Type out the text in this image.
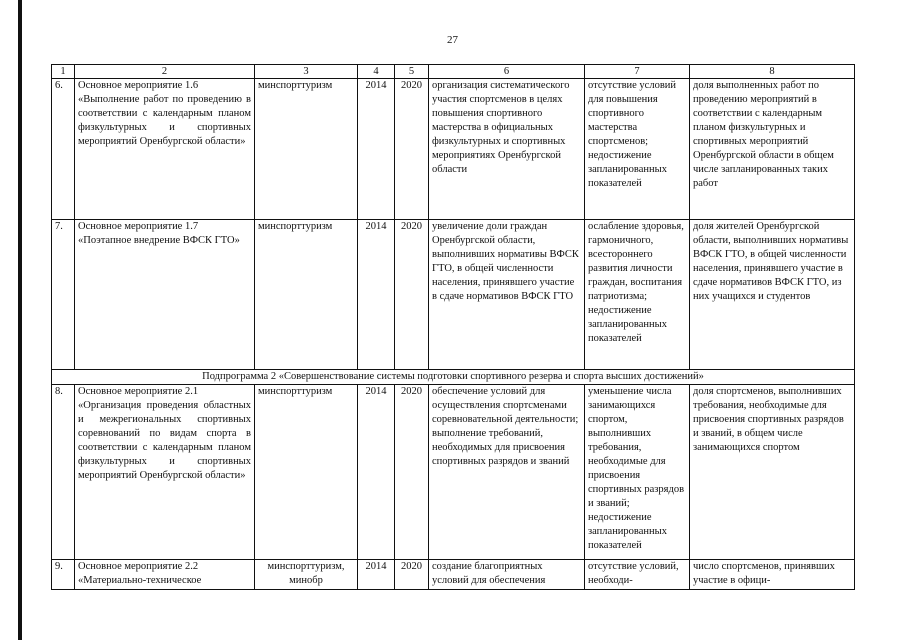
27
1	2	3	4	5	6	7	8
6.	Основное мероприятие 1.6
«Выполнение работ по проведению в соответствии с календарным планом физкультурных и спортивных мероприятий Оренбургской области»	минспорттуризм	2014	2020	организация систематического участия спортсменов в целях повышения спортивного мастерства в официальных физкультурных и спортивных мероприятиях Оренбургской области	отсутствие условий для повышения спортивного мастерства спортсменов;
недостижение запланированных показателей	доля выполненных работ по проведению мероприятий в соответствии с календарным планом физкультурных и спортивных мероприятий Оренбургской области в общем числе запланированных таких работ

7.	Основное мероприятие 1.7
«Поэтапное внедрение ВФСК ГТО»	минспорттуризм	2014	2020	увеличение доли граждан Оренбургской области, выполнивших нормативы ВФСК ГТО, в общей численности населения, принявшего участие в сдаче нормативов ВФСК ГТО	ослабление здоровья, гармоничного, всестороннего развития личности граждан, воспитания патриотизма;
недостижение запланированных показателей	доля жителей Оренбургской области, выполнивших нормативы ВФСК ГТО, в общей численности населения, принявшего участие в сдаче нормативов ВФСК ГТО, из них учащихся и студентов

Подпрограмма 2 «Совершенствование системы подготовки спортивного резерва и спорта высших достижений»							
8.	Основное мероприятие 2.1
«Организация проведения областных и межрегиональных спортивных соревнований по видам спорта в соответствии с календарным планом физкультурных и спортивных мероприятий Оренбургской области»	минспорттуризм	2014	2020	обеспечение условий для осуществления спортсменами соревновательной деятельности;
выполнение требований, необходимых для присвоения спортивных разрядов и званий	уменьшение числа занимающихся спортом, выполнивших требования, необходимые для присвоения спортивных разрядов и званий;
недостижение запланированных показателей	доля спортсменов, выполнивших требования, необходимые для присвоения спортивных разрядов и званий, в общем числе занимающихся спортом

9.	Основное мероприятие 2.2
«Материально-техническое	минспорттуризм,
минобр	2014	2020	создание благоприятных условий для обеспечения	отсутствие условий, необходи-	число спортсменов, принявших участие в офици-
